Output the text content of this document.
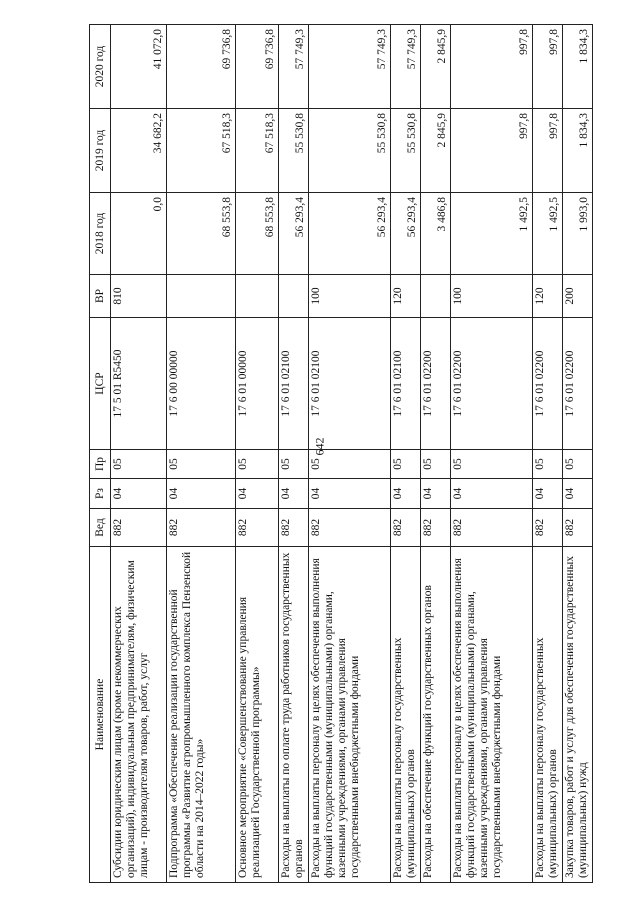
642
Наименование	Вед	Рз	Пр	ЦСР	ВР	2018 год	2019 год	2020 год
Субсидии юридическим лицам (кроме некоммерческих организаций), индивидуальным предпринимателям, физическим лицам - производителям товаров, работ, услуг	882	04	05	17 5 01 R5450	810	0,0	34 682,2	41 072,0
Подпрограмма «Обеспечение реализации государственной программы «Развитие агропромышленного комплекса Пензенской области на 2014–2022 годы»	882	04	05	17 6 00 00000		68 553,8	67 518,3	69 736,8
Основное мероприятие «Совершенствование управления реализацией Государственной программы»	882	04	05	17 6 01 00000		68 553,8	67 518,3	69 736,8
Расходы на выплаты по оплате труда работников государственных органов	882	04	05	17 6 01 02100		56 293,4	55 530,8	57 749,3
Расходы на выплаты персоналу в целях обеспечения выполнения функций государственными (муниципальными) органами, казенными учреждениями, органами управления государственными внебюджетными фондами	882	04	05	17 6 01 02100	100	56 293,4	55 530,8	57 749,3
Расходы на выплаты персоналу государственных (муниципальных) органов	882	04	05	17 6 01 02100	120	56 293,4	55 530,8	57 749,3
Расходы на обеспечение функций государственных органов	882	04	05	17 6 01 02200		3 486,8	2 845,9	2 845,9
Расходы на выплаты персоналу в целях обеспечения выполнения функций государственными (муниципальными) органами, казенными учреждениями, органами управления государственными внебюджетными фондами	882	04	05	17 6 01 02200	100	1 492,5	997,8	997,8
Расходы на выплаты персоналу государственных (муниципальных) органов	882	04	05	17 6 01 02200	120	1 492,5	997,8	997,8
Закупка товаров, работ и услуг для обеспечения государственных (муниципальных) нужд	882	04	05	17 6 01 02200	200	1 993,0	1 834,3	1 834,3
